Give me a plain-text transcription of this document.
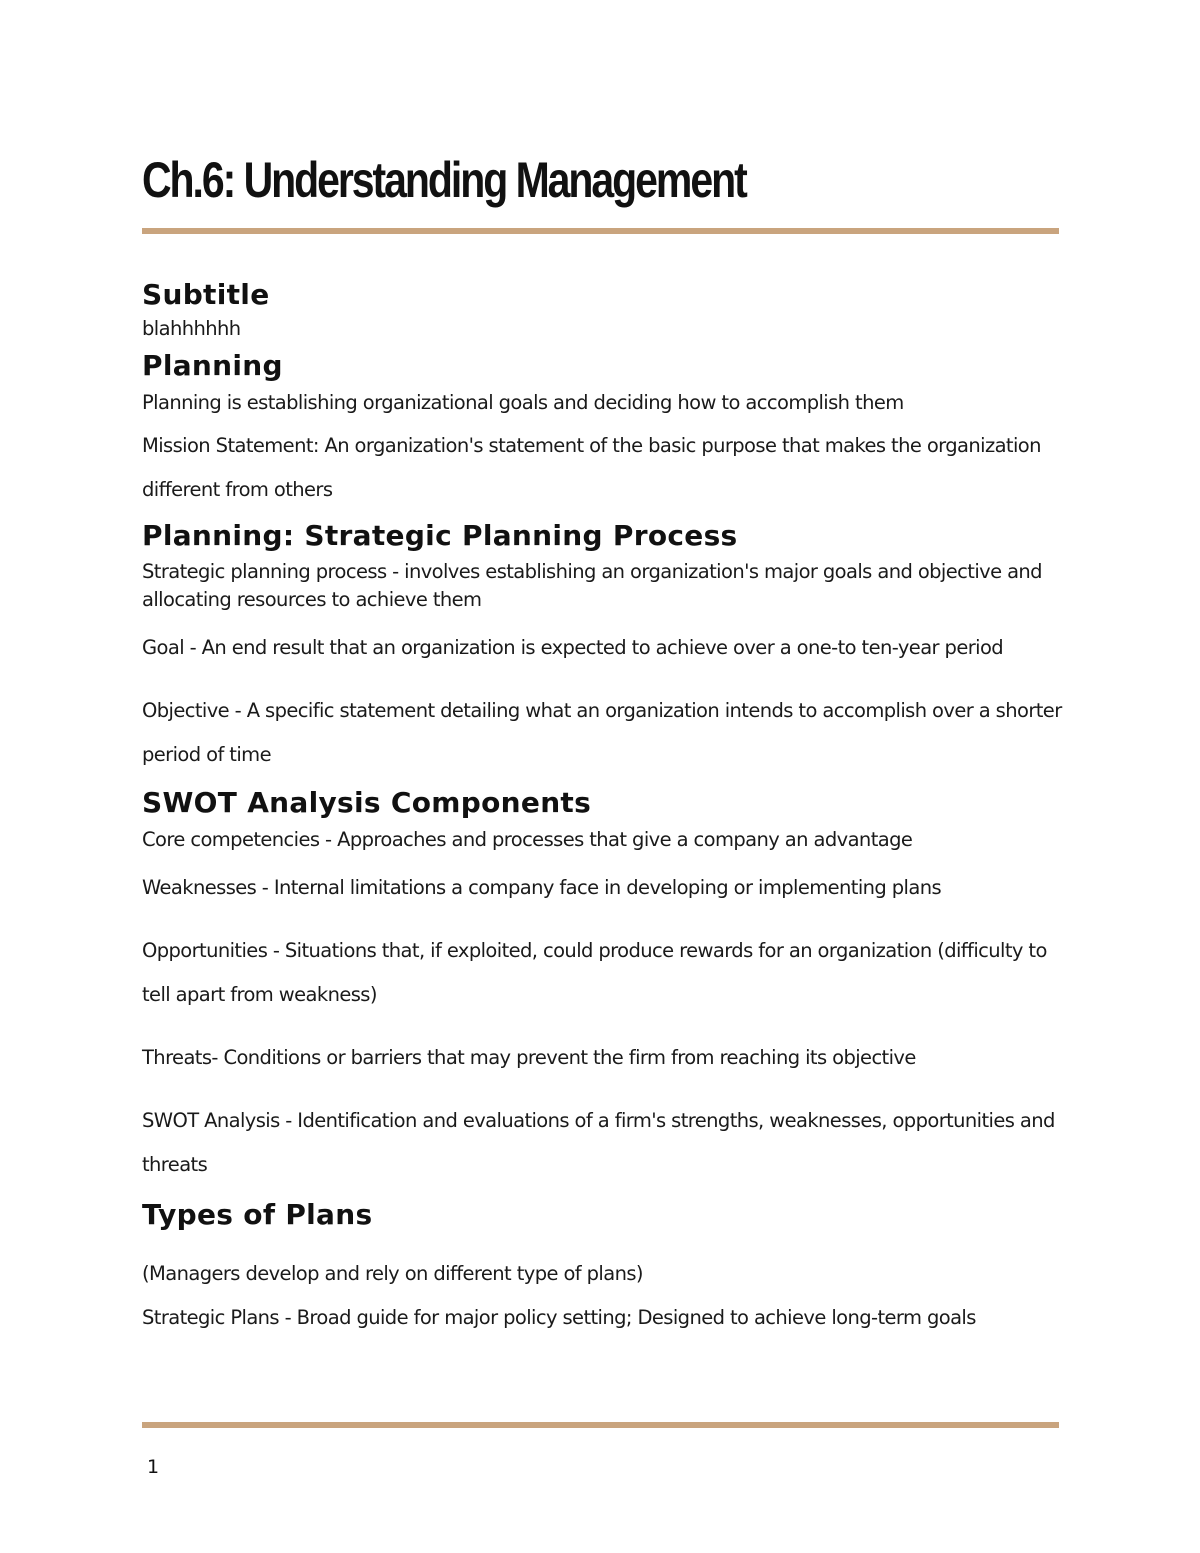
Ch.6: Understanding Management
Subtitle

blahhhhhh

Planning

Planning is establishing organizational goals and deciding how to accomplish them

Mission Statement: An organization's statement of the basic purpose that makes the organization different from others

Planning: Strategic Planning Process

Strategic planning process - involves establishing an organization's major goals and objective and allocating resources to achieve them

Goal - An end result that an organization is expected to achieve over a one-to ten-year period

Objective - A specific statement detailing what an organization intends to accomplish over a shorter period of time

SWOT Analysis Components

Core competencies - Approaches and processes that give a company an advantage

Weaknesses - Internal limitations a company face in developing or implementing plans

Opportunities - Situations that, if exploited, could produce rewards for an organization (difficulty to tell apart from weakness)

Threats- Conditions or barriers that may prevent the firm from reaching its objective

SWOT Analysis - Identification and evaluations of a firm's strengths, weaknesses, opportunities and threats

Types of Plans

(Managers develop and rely on different type of plans)

Strategic Plans - Broad guide for major policy setting; Designed to achieve long-term goals

1
